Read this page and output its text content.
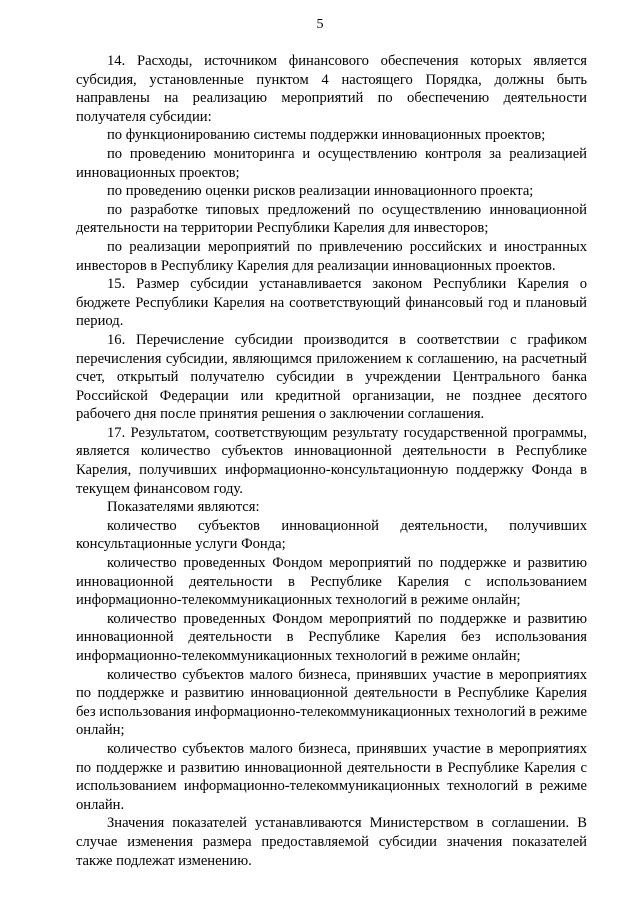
5

14. Расходы, источником финансового обеспечения которых является субсидия, установленные пунктом 4 настоящего Порядка, должны быть направлены на реализацию мероприятий по обеспечению деятельности получателя субсидии:

по функционированию системы поддержки инновационных проектов;

по проведению мониторинга и осуществлению контроля за реализацией инновационных проектов;

по проведению оценки рисков реализации инновационного проекта;

по разработке типовых предложений по осуществлению инновационной деятельности на территории Республики Карелия для инвесторов;

по реализации мероприятий по привлечению российских и иностранных инвесторов в Республику Карелия для реализации инновационных проектов.

15. Размер субсидии устанавливается законом Республики Карелия о бюджете Республики Карелия на соответствующий финансовый год и плановый период.

16. Перечисление субсидии производится в соответствии с графиком перечисления субсидии, являющимся приложением к соглашению, на расчетный счет, открытый получателю субсидии в учреждении Центрального банка Российской Федерации или кредитной организации, не позднее десятого рабочего дня после принятия решения о заключении соглашения.

17. Результатом, соответствующим результату государственной программы, является количество субъектов инновационной деятельности в Республике Карелия, получивших информационно-консультационную поддержку Фонда в текущем финансовом году.

Показателями являются:

количество субъектов инновационной деятельности, получивших консультационные услуги Фонда;

количество проведенных Фондом мероприятий по поддержке и развитию инновационной деятельности в Республике Карелия с использованием информационно-телекоммуникационных технологий в режиме онлайн;

количество проведенных Фондом мероприятий по поддержке и развитию инновационной деятельности в Республике Карелия без использования информационно-телекоммуникационных технологий в режиме онлайн;

количество субъектов малого бизнеса, принявших участие в мероприятиях по поддержке и развитию инновационной деятельности в Республике Карелия без использования информационно-телекоммуникационных технологий в режиме онлайн;

количество субъектов малого бизнеса, принявших участие в мероприятиях по поддержке и развитию инновационной деятельности в Республике Карелия с использованием информационно-телекоммуникационных технологий в режиме онлайн.

Значения показателей устанавливаются Министерством в соглашении. В случае изменения размера предоставляемой субсидии значения показателей также подлежат изменению.
